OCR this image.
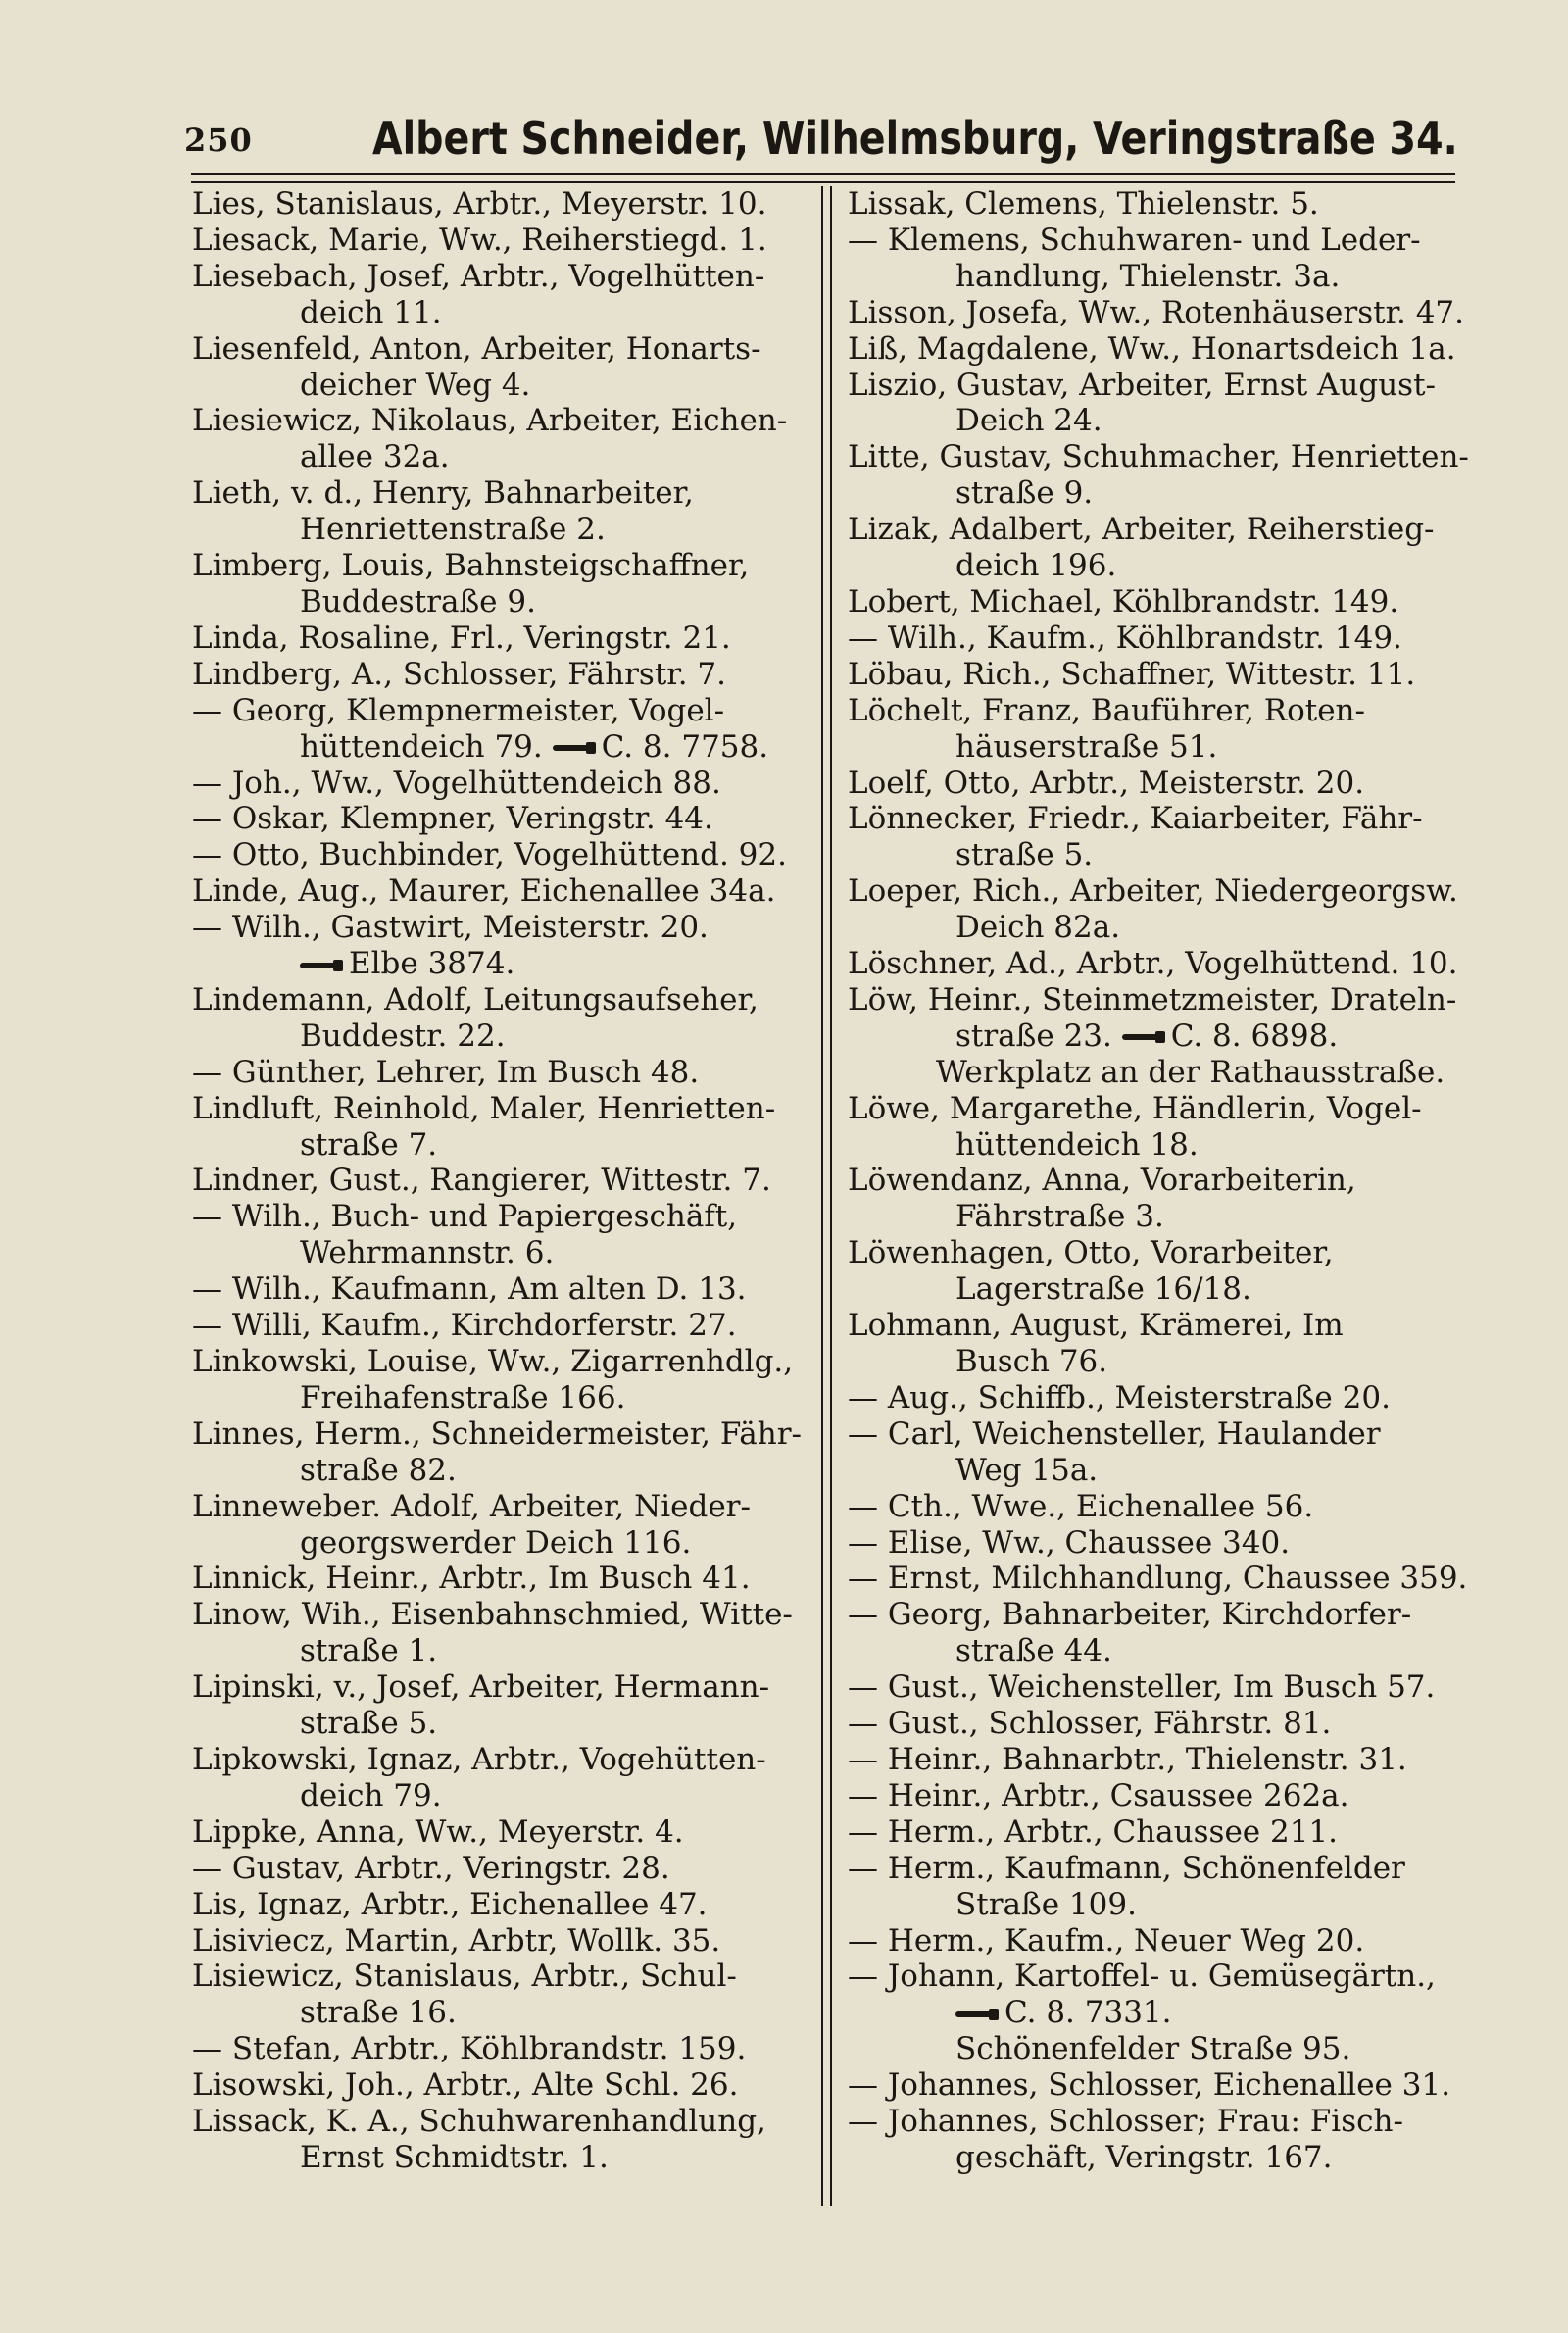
250	Albert Schneider, Wilhelmsburg, Veringstraße 34.
Lies, Stanislaus, Arbtr., Meyerstr. 10.
Liesack, Marie, Ww., Reiherstiegd. 1.
Liesebach, Josef, Arbtr., Vogelhütten-
deich 11.
Liesenfeld, Anton, Arbeiter, Honarts-
deicher Weg 4.
Liesiewicz, Nikolaus, Arbeiter, Eichen-
allee 32a.
Lieth, v. d., Henry, Bahnarbeiter,
Henriettenstraße 2.
Limberg, Louis, Bahnsteigschaffner,
Buddestraße 9.
Linda, Rosaline, Frl., Veringstr. 21.
Lindberg, A., Schlosser, Fährstr. 7.
— Georg, Klempnermeister, Vogel-
hüttendeich 79. C. 8. 7758.
— Joh., Ww., Vogelhüttendeich 88.
— Oskar, Klempner, Veringstr. 44.
— Otto, Buchbinder, Vogelhüttend. 92.
Linde, Aug., Maurer, Eichenallee 34a.
— Wilh., Gastwirt, Meisterstr. 20.
Elbe 3874.
Lindemann, Adolf, Leitungsaufseher,
Buddestr. 22.
— Günther, Lehrer, Im Busch 48.
Lindluft, Reinhold, Maler, Henrietten-
straße 7.
Lindner, Gust., Rangierer, Wittestr. 7.
— Wilh., Buch- und Papiergeschäft,
Wehrmannstr. 6.
— Wilh., Kaufmann, Am alten D. 13.
— Willi, Kaufm., Kirchdorferstr. 27.
Linkowski, Louise, Ww., Zigarrenhdlg.,
Freihafenstraße 166.
Linnes, Herm., Schneidermeister, Fähr-
straße 82.
Linneweber. Adolf, Arbeiter, Nieder-
georgswerder Deich 116.
Linnick, Heinr., Arbtr., Im Busch 41.
Linow, Wih., Eisenbahnschmied, Witte-
straße 1.
Lipinski, v., Josef, Arbeiter, Hermann-
straße 5.
Lipkowski, Ignaz, Arbtr., Vogehütten-
deich 79.
Lippke, Anna, Ww., Meyerstr. 4.
— Gustav, Arbtr., Veringstr. 28.
Lis, Ignaz, Arbtr., Eichenallee 47.
Lisiviecz, Martin, Arbtr, Wollk. 35.
Lisiewicz, Stanislaus, Arbtr., Schul-
straße 16.
— Stefan, Arbtr., Köhlbrandstr. 159.
Lisowski, Joh., Arbtr., Alte Schl. 26.
Lissack, K. A., Schuhwarenhandlung,
Ernst Schmidtstr. 1.
Lissak, Clemens, Thielenstr. 5.
— Klemens, Schuhwaren- und Leder-
handlung, Thielenstr. 3a.
Lisson, Josefa, Ww., Rotenhäuserstr. 47.
Liß, Magdalene, Ww., Honartsdeich 1a.
Liszio, Gustav, Arbeiter, Ernst August-
Deich 24.
Litte, Gustav, Schuhmacher, Henrietten-
straße 9.
Lizak, Adalbert, Arbeiter, Reiherstieg-
deich 196.
Lobert, Michael, Köhlbrandstr. 149.
— Wilh., Kaufm., Köhlbrandstr. 149.
Löbau, Rich., Schaffner, Wittestr. 11.
Löchelt, Franz, Bauführer, Roten-
häuserstraße 51.
Loelf, Otto, Arbtr., Meisterstr. 20.
Lönnecker, Friedr., Kaiarbeiter, Fähr-
straße 5.
Loeper, Rich., Arbeiter, Niedergeorgsw.
Deich 82a.
Löschner, Ad., Arbtr., Vogelhüttend. 10.
Löw, Heinr., Steinmetzmeister, Drateln-
straße 23. C. 8. 6898.
Werkplatz an der Rathausstraße.
Löwe, Margarethe, Händlerin, Vogel-
hüttendeich 18.
Löwendanz, Anna, Vorarbeiterin,
Fährstraße 3.
Löwenhagen, Otto, Vorarbeiter,
Lagerstraße 16/18.
Lohmann, August, Krämerei, Im
Busch 76.
— Aug., Schiffb., Meisterstraße 20.
— Carl, Weichensteller, Haulander
Weg 15a.
— Cth., Wwe., Eichenallee 56.
— Elise, Ww., Chaussee 340.
— Ernst, Milchhandlung, Chaussee 359.
— Georg, Bahnarbeiter, Kirchdorfer-
straße 44.
— Gust., Weichensteller, Im Busch 57.
— Gust., Schlosser, Fährstr. 81.
— Heinr., Bahnarbtr., Thielenstr. 31.
— Heinr., Arbtr., Csaussee 262a.
— Herm., Arbtr., Chaussee 211.
— Herm., Kaufmann, Schönenfelder
Straße 109.
— Herm., Kaufm., Neuer Weg 20.
— Johann, Kartoffel- u. Gemüsegärtn.,
C. 8. 7331.
Schönenfelder Straße 95.
— Johannes, Schlosser, Eichenallee 31.
— Johannes, Schlosser; Frau: Fisch-
geschäft, Veringstr. 167.
